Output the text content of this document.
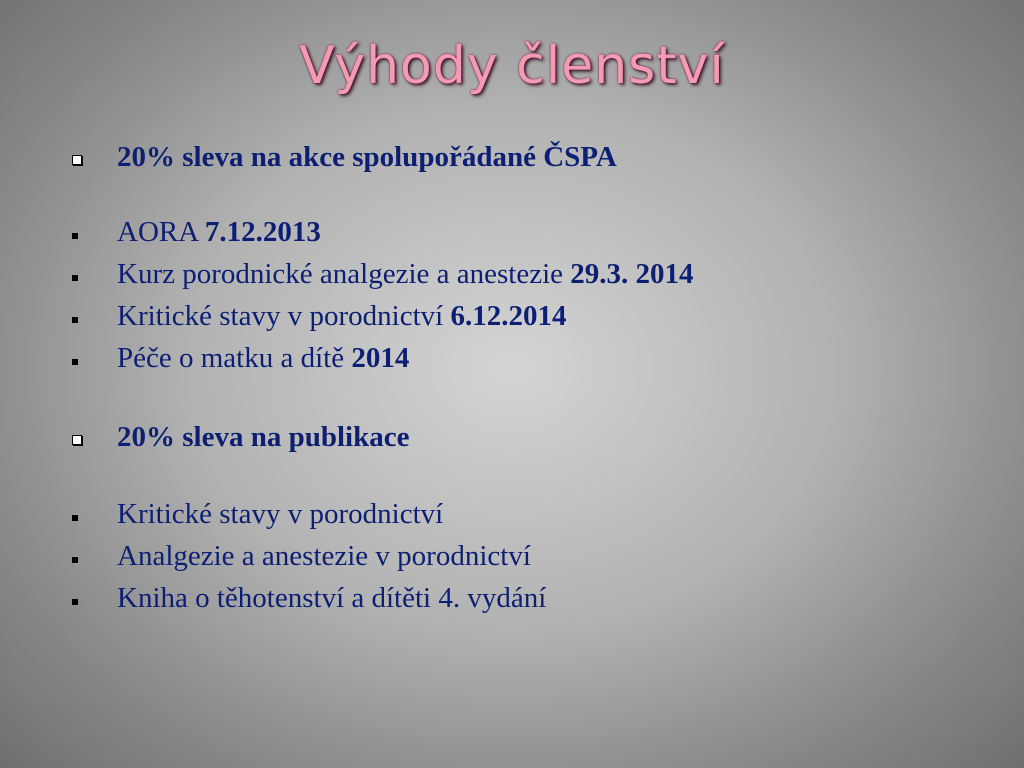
Výhody členství
20% sleva na akce spolupořádané ČSPA
AORA 7.12.2013
Kurz porodnické analgezie a anestezie 29.3. 2014
Kritické stavy v porodnictví 6.12.2014
Péče o matku a dítě 2014
20% sleva na publikace
Kritické stavy v porodnictví
Analgezie a anestezie v porodnictví
Kniha o těhotenství a dítěti 4. vydání
